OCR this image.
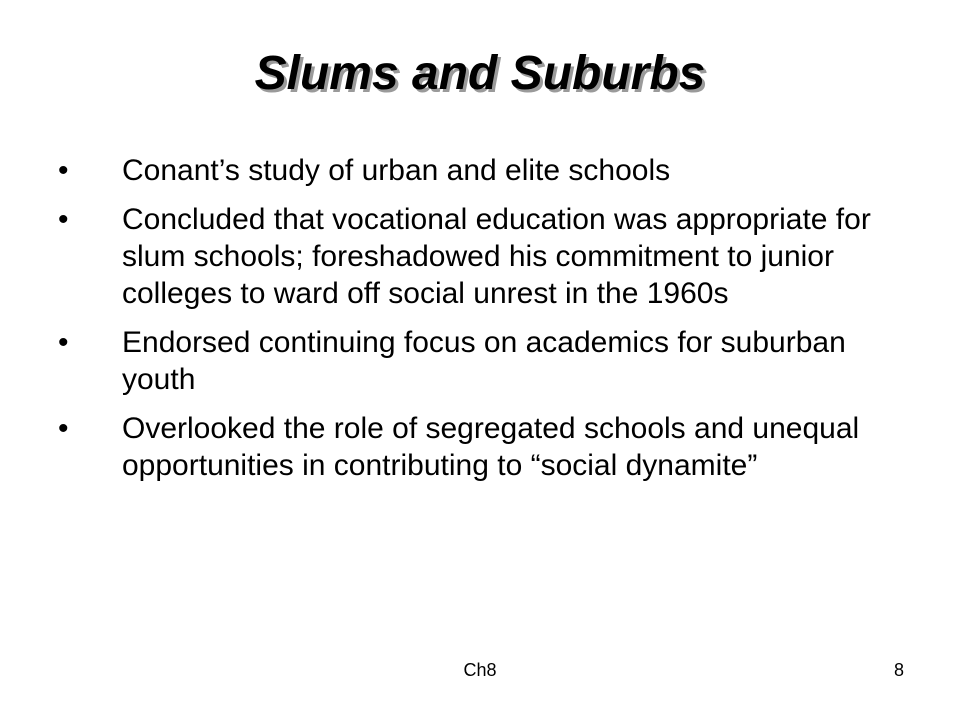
Slums and Suburbs
• Conant’s study of urban and elite schools
• Concluded that vocational education was appropriate for slum schools; foreshadowed his commitment to junior colleges to ward off social unrest in the 1960s
• Endorsed continuing focus on academics for suburban youth
• Overlooked the role of segregated schools and unequal opportunities in contributing to “social dynamite”
Ch8	8
